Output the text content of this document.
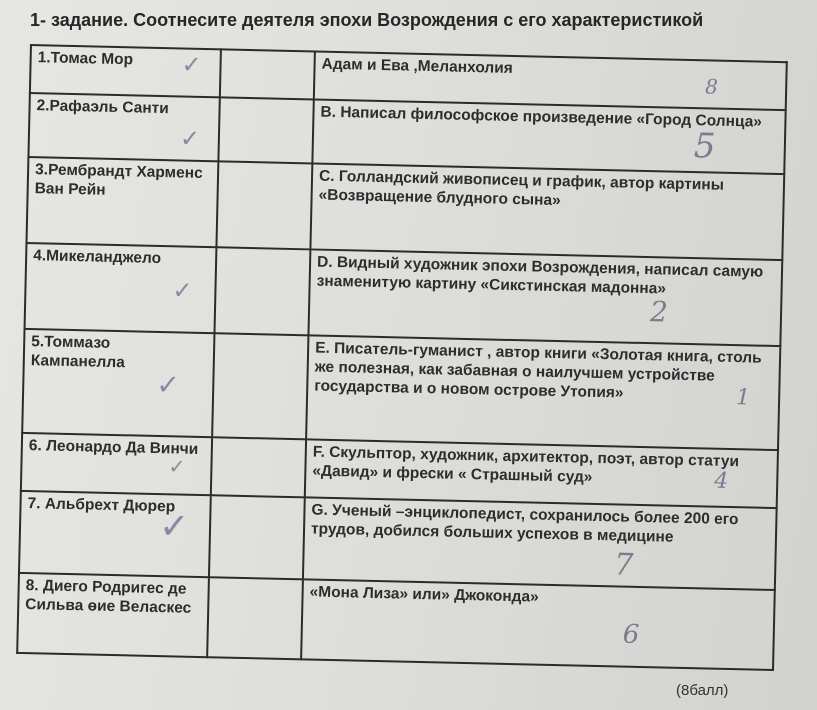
1- задание. Соотнесите деятеля эпохи Возрождения с его характеристикой
1.Томас Мор	✓	Адам и Ева ,Меланхолия
8

2.Рафаэль Санти	✓	B. Написал философское произведение «Город Солнца»
5

3.Рембрандт Харменс Ван Рейн		C. Голландский живописец и график, автор картины «Возвращение блудного сына»
4.Микеланджело	✓	D. Видный художник эпохи Возрождения, написал самую знаменитую картину «Сикстинская мадонна»
2

5.Томмазо Кампанелла	✓	E. Писатель-гуманист , автор книги «Золотая книга, столь же полезная, как забавная о наилучшем устройстве государства и о новом острове Утопия» 1

6. Леонардо Да Винчи	✓	F. Скульптор, художник, архитектор, поэт, автор статуи «Давид» и фрески « Страшный суд» 4

7. Альбрехт Дюрер	✓	G. Ученый –энциклопедист, сохранилось более 200 его трудов, добился больших успехов в медицине
7

8. Диего Родригес де Сильва өие Веласкес		«Мона Лиза» или» Джоконда»
6
(8балл)
